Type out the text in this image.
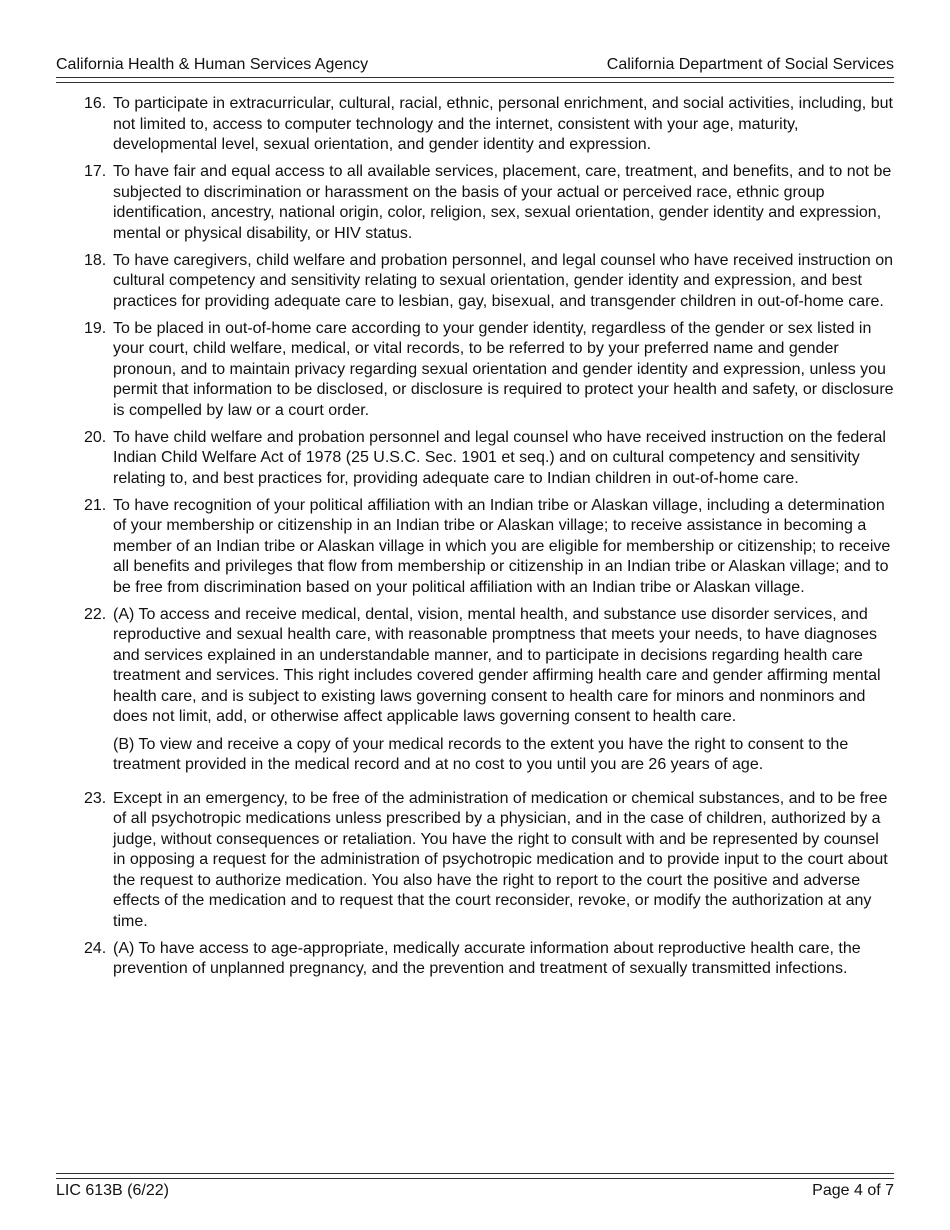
California Health & Human Services Agency	California Department of Social Services
16. To participate in extracurricular, cultural, racial, ethnic, personal enrichment, and social activities, including, but not limited to, access to computer technology and the internet, consistent with your age, maturity, developmental level, sexual orientation, and gender identity and expression.

17. To have fair and equal access to all available services, placement, care, treatment, and benefits, and to not be subjected to discrimination or harassment on the basis of your actual or perceived race, ethnic group identification, ancestry, national origin, color, religion, sex, sexual orientation, gender identity and expression, mental or physical disability, or HIV status.

18. To have caregivers, child welfare and probation personnel, and legal counsel who have received instruction on cultural competency and sensitivity relating to sexual orientation, gender identity and expression, and best practices for providing adequate care to lesbian, gay, bisexual, and transgender children in out-of-home care.

19. To be placed in out-of-home care according to your gender identity, regardless of the gender or sex listed in your court, child welfare, medical, or vital records, to be referred to by your preferred name and gender pronoun, and to maintain privacy regarding sexual orientation and gender identity and expression, unless you permit that information to be disclosed, or disclosure is required to protect your health and safety, or disclosure is compelled by law or a court order.

20. To have child welfare and probation personnel and legal counsel who have received instruction on the federal Indian Child Welfare Act of 1978 (25 U.S.C. Sec. 1901 et seq.) and on cultural competency and sensitivity relating to, and best practices for, providing adequate care to Indian children in out-of-home care.

21. To have recognition of your political affiliation with an Indian tribe or Alaskan village, including a determination of your membership or citizenship in an Indian tribe or Alaskan village; to receive assistance in becoming a member of an Indian tribe or Alaskan village in which you are eligible for membership or citizenship; to receive all benefits and privileges that flow from membership or citizenship in an Indian tribe or Alaskan village; and to be free from discrimination based on your political affiliation with an Indian tribe or Alaskan village.

22. (A) To access and receive medical, dental, vision, mental health, and substance use disorder services, and reproductive and sexual health care, with reasonable promptness that meets your needs, to have diagnoses and services explained in an understandable manner, and to participate in decisions regarding health care treatment and services. This right includes covered gender affirming health care and gender affirming mental health care, and is subject to existing laws governing consent to health care for minors and nonminors and does not limit, add, or otherwise affect applicable laws governing consent to health care.

(B) To view and receive a copy of your medical records to the extent you have the right to consent to the treatment provided in the medical record and at no cost to you until you are 26 years of age.

23. Except in an emergency, to be free of the administration of medication or chemical substances, and to be free of all psychotropic medications unless prescribed by a physician, and in the case of children, authorized by a judge, without consequences or retaliation. You have the right to consult with and be represented by counsel in opposing a request for the administration of psychotropic medication and to provide input to the court about the request to authorize medication. You also have the right to report to the court the positive and adverse effects of the medication and to request that the court reconsider, revoke, or modify the authorization at any time.

24. (A) To have access to age-appropriate, medically accurate information about reproductive health care, the prevention of unplanned pregnancy, and the prevention and treatment of sexually transmitted infections.

LIC 613B (6/22)	Page 4 of 7
